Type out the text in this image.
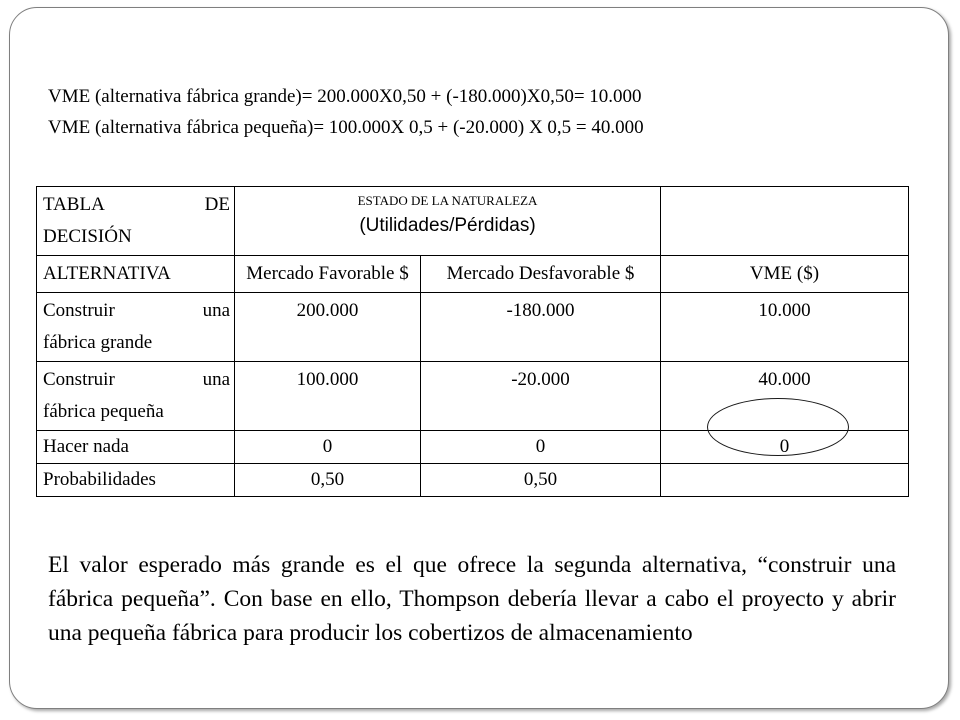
VME (alternativa fábrica grande)= 200.000X0,50 + (-180.000)X0,50= 10.000
VME (alternativa fábrica pequeña)= 100.000X 0,5 + (-20.000) X 0,5 = 40.000
TABLA DE
DECISIÓN	ESTADO DE LA NATURALEZA
(Utilidades/Pérdidas)		

ALTERNATIVA	Mercado Favorable $	Mercado Desfavorable $	VME ($)

Construir una
fábrica grande	200.000	-180.000	10.000

Construir una
fábrica pequeña	100.000	-20.000	40.000
Hacer nada	0	0	0
Probabilidades	0,50	0,50	
El valor esperado más grande es el que ofrece la segunda alternativa, “construir una fábrica pequeña”. Con base en ello, Thompson debería llevar a cabo el proyecto y abrir una pequeña fábrica para producir los cobertizos de almacenamiento
